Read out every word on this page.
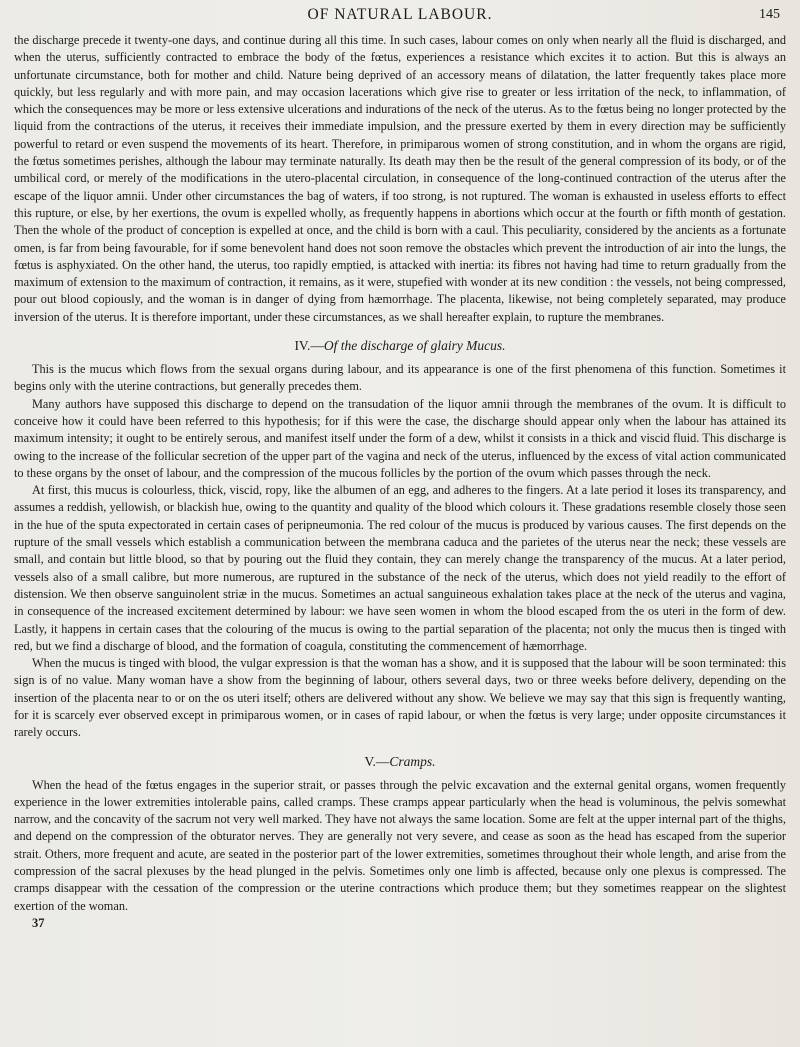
OF NATURAL LABOUR.	145

the discharge precede it twenty-one days, and continue during all this time. In such cases, labour comes on only when nearly all the fluid is discharged, and when the uterus, sufficiently contracted to embrace the body of the fœtus, experiences a resistance which excites it to action. But this is always an unfortunate circumstance, both for mother and child. Nature being deprived of an accessory means of dilatation, the latter frequently takes place more quickly, but less regularly and with more pain, and may occasion lacerations which give rise to greater or less irritation of the neck, to inflammation, of which the consequences may be more or less extensive ulcerations and indurations of the neck of the uterus. As to the fœtus being no longer protected by the liquid from the contractions of the uterus, it receives their immediate impulsion, and the pressure exerted by them in every direction may be sufficiently powerful to retard or even suspend the movements of its heart. Therefore, in primiparous women of strong constitution, and in whom the organs are rigid, the fœtus sometimes perishes, although the labour may terminate naturally. Its death may then be the result of the general compression of its body, or of the umbilical cord, or merely of the modifications in the utero-placental circulation, in consequence of the long-continued contraction of the uterus after the escape of the liquor amnii. Under other circumstances the bag of waters, if too strong, is not ruptured. The woman is exhausted in useless efforts to effect this rupture, or else, by her exertions, the ovum is expelled wholly, as frequently happens in abortions which occur at the fourth or fifth month of gestation. Then the whole of the product of conception is expelled at once, and the child is born with a caul. This peculiarity, considered by the ancients as a fortunate omen, is far from being favourable, for if some benevolent hand does not soon remove the obstacles which prevent the introduction of air into the lungs, the fœtus is asphyxiated. On the other hand, the uterus, too rapidly emptied, is attacked with inertia: its fibres not having had time to return gradually from the maximum of extension to the maximum of contraction, it remains, as it were, stupefied with wonder at its new condition : the vessels, not being compressed, pour out blood copiously, and the woman is in danger of dying from hæmorrhage. The placenta, likewise, not being completely separated, may produce inversion of the uterus. It is therefore important, under these circumstances, as we shall hereafter explain, to rupture the membranes.

IV.—Of the discharge of glairy Mucus.

This is the mucus which flows from the sexual organs during labour, and its appearance is one of the first phenomena of this function. Sometimes it begins only with the uterine contractions, but generally precedes them.

Many authors have supposed this discharge to depend on the transudation of the liquor amnii through the membranes of the ovum. It is difficult to conceive how it could have been referred to this hypothesis; for if this were the case, the discharge should appear only when the labour has attained its maximum intensity; it ought to be entirely serous, and manifest itself under the form of a dew, whilst it consists in a thick and viscid fluid. This discharge is owing to the increase of the follicular secretion of the upper part of the vagina and neck of the uterus, influenced by the excess of vital action communicated to these organs by the onset of labour, and the compression of the mucous follicles by the portion of the ovum which passes through the neck.

At first, this mucus is colourless, thick, viscid, ropy, like the albumen of an egg, and adheres to the fingers. At a late period it loses its transparency, and assumes a reddish, yellowish, or blackish hue, owing to the quantity and quality of the blood which colours it. These gradations resemble closely those seen in the hue of the sputa expectorated in certain cases of peripneumonia. The red colour of the mucus is produced by various causes. The first depends on the rupture of the small vessels which establish a communication between the membrana caduca and the parietes of the uterus near the neck; these vessels are small, and contain but little blood, so that by pouring out the fluid they contain, they can merely change the transparency of the mucus. At a later period, vessels also of a small calibre, but more numerous, are ruptured in the substance of the neck of the uterus, which does not yield readily to the effort of distension. We then observe sanguinolent striæ in the mucus. Sometimes an actual sanguineous exhalation takes place at the neck of the uterus and vagina, in consequence of the increased excitement determined by labour: we have seen women in whom the blood escaped from the os uteri in the form of dew. Lastly, it happens in certain cases that the colouring of the mucus is owing to the partial separation of the placenta; not only the mucus then is tinged with red, but we find a discharge of blood, and the formation of coagula, constituting the commencement of hæmorrhage.

When the mucus is tinged with blood, the vulgar expression is that the woman has a show, and it is supposed that the labour will be soon terminated: this sign is of no value. Many woman have a show from the beginning of labour, others several days, two or three weeks before delivery, depending on the insertion of the placenta near to or on the os uteri itself; others are delivered without any show. We believe we may say that this sign is frequently wanting, for it is scarcely ever observed except in primiparous women, or in cases of rapid labour, or when the fœtus is very large; under opposite circumstances it rarely occurs.

V.—Cramps.

When the head of the fœtus engages in the superior strait, or passes through the pelvic excavation and the external genital organs, women frequently experience in the lower extremities intolerable pains, called cramps. These cramps appear particularly when the head is voluminous, the pelvis somewhat narrow, and the concavity of the sacrum not very well marked. They have not always the same location. Some are felt at the upper internal part of the thighs, and depend on the compression of the obturator nerves. They are generally not very severe, and cease as soon as the head has escaped from the superior strait. Others, more frequent and acute, are seated in the posterior part of the lower extremities, sometimes throughout their whole length, and arise from the compression of the sacral plexuses by the head plunged in the pelvis. Sometimes only one limb is affected, because only one plexus is compressed. The cramps disappear with the cessation of the compression or the uterine contractions which produce them; but they sometimes reappear on the slightest exertion of the woman.

37
